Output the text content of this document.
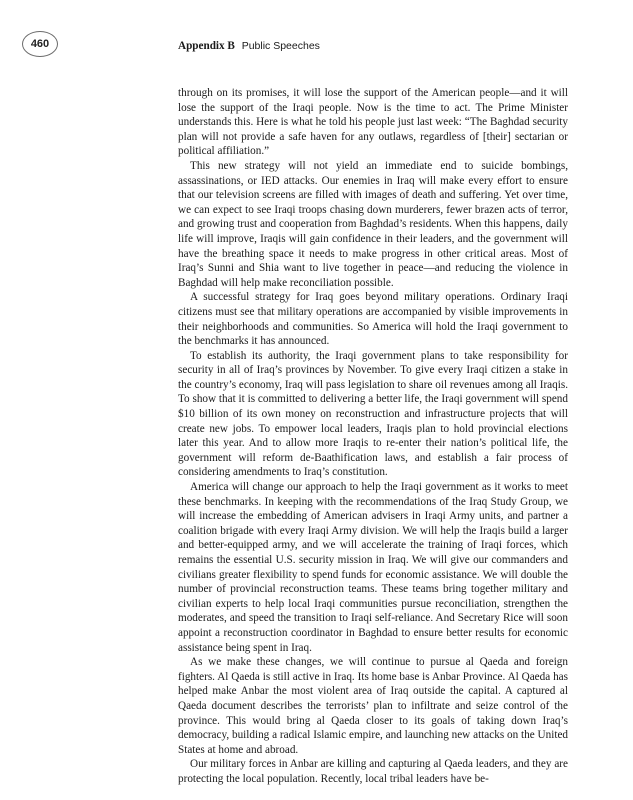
460	Appendix B Public Speeches

through on its promises, it will lose the support of the American people—and it will lose the support of the Iraqi people. Now is the time to act. The Prime Minister understands this. Here is what he told his people just last week: “The Baghdad security plan will not provide a safe haven for any outlaws, regardless of [their] sectarian or political affiliation.”

This new strategy will not yield an immediate end to suicide bombings, assassinations, or IED attacks. Our enemies in Iraq will make every effort to ensure that our television screens are filled with images of death and suffering. Yet over time, we can expect to see Iraqi troops chasing down murderers, fewer brazen acts of terror, and growing trust and cooperation from Baghdad’s residents. When this happens, daily life will improve, Iraqis will gain confidence in their leaders, and the government will have the breathing space it needs to make progress in other critical areas. Most of Iraq’s Sunni and Shia want to live together in peace—and reducing the violence in Baghdad will help make reconciliation possible.

A successful strategy for Iraq goes beyond military operations. Ordinary Iraqi citizens must see that military operations are accompanied by visible improvements in their neighborhoods and communities. So America will hold the Iraqi government to the benchmarks it has announced.

To establish its authority, the Iraqi government plans to take responsibility for security in all of Iraq’s provinces by November. To give every Iraqi citizen a stake in the country’s economy, Iraq will pass legislation to share oil revenues among all Iraqis. To show that it is committed to delivering a better life, the Iraqi government will spend $10 billion of its own money on reconstruction and infrastructure projects that will create new jobs. To empower local leaders, Iraqis plan to hold provincial elections later this year. And to allow more Iraqis to re-enter their nation’s political life, the government will reform de-Baathification laws, and establish a fair process of considering amendments to Iraq’s constitution.

America will change our approach to help the Iraqi government as it works to meet these benchmarks. In keeping with the recommendations of the Iraq Study Group, we will increase the embedding of American advisers in Iraqi Army units, and partner a coalition brigade with every Iraqi Army division. We will help the Iraqis build a larger and better-equipped army, and we will accelerate the training of Iraqi forces, which remains the essential U.S. security mission in Iraq. We will give our commanders and civilians greater flexibility to spend funds for economic assistance. We will double the number of provincial reconstruction teams. These teams bring together military and civilian experts to help local Iraqi communities pursue reconciliation, strengthen the moderates, and speed the transition to Iraqi self-reliance. And Secretary Rice will soon appoint a reconstruction coordinator in Baghdad to ensure better results for economic assistance being spent in Iraq.

As we make these changes, we will continue to pursue al Qaeda and foreign fighters. Al Qaeda is still active in Iraq. Its home base is Anbar Province. Al Qaeda has helped make Anbar the most violent area of Iraq outside the capital. A captured al Qaeda document describes the terrorists’ plan to infiltrate and seize control of the province. This would bring al Qaeda closer to its goals of taking down Iraq’s democracy, building a radical Islamic empire, and launching new attacks on the United States at home and abroad.

Our military forces in Anbar are killing and capturing al Qaeda leaders, and they are protecting the local population. Recently, local tribal leaders have be-
